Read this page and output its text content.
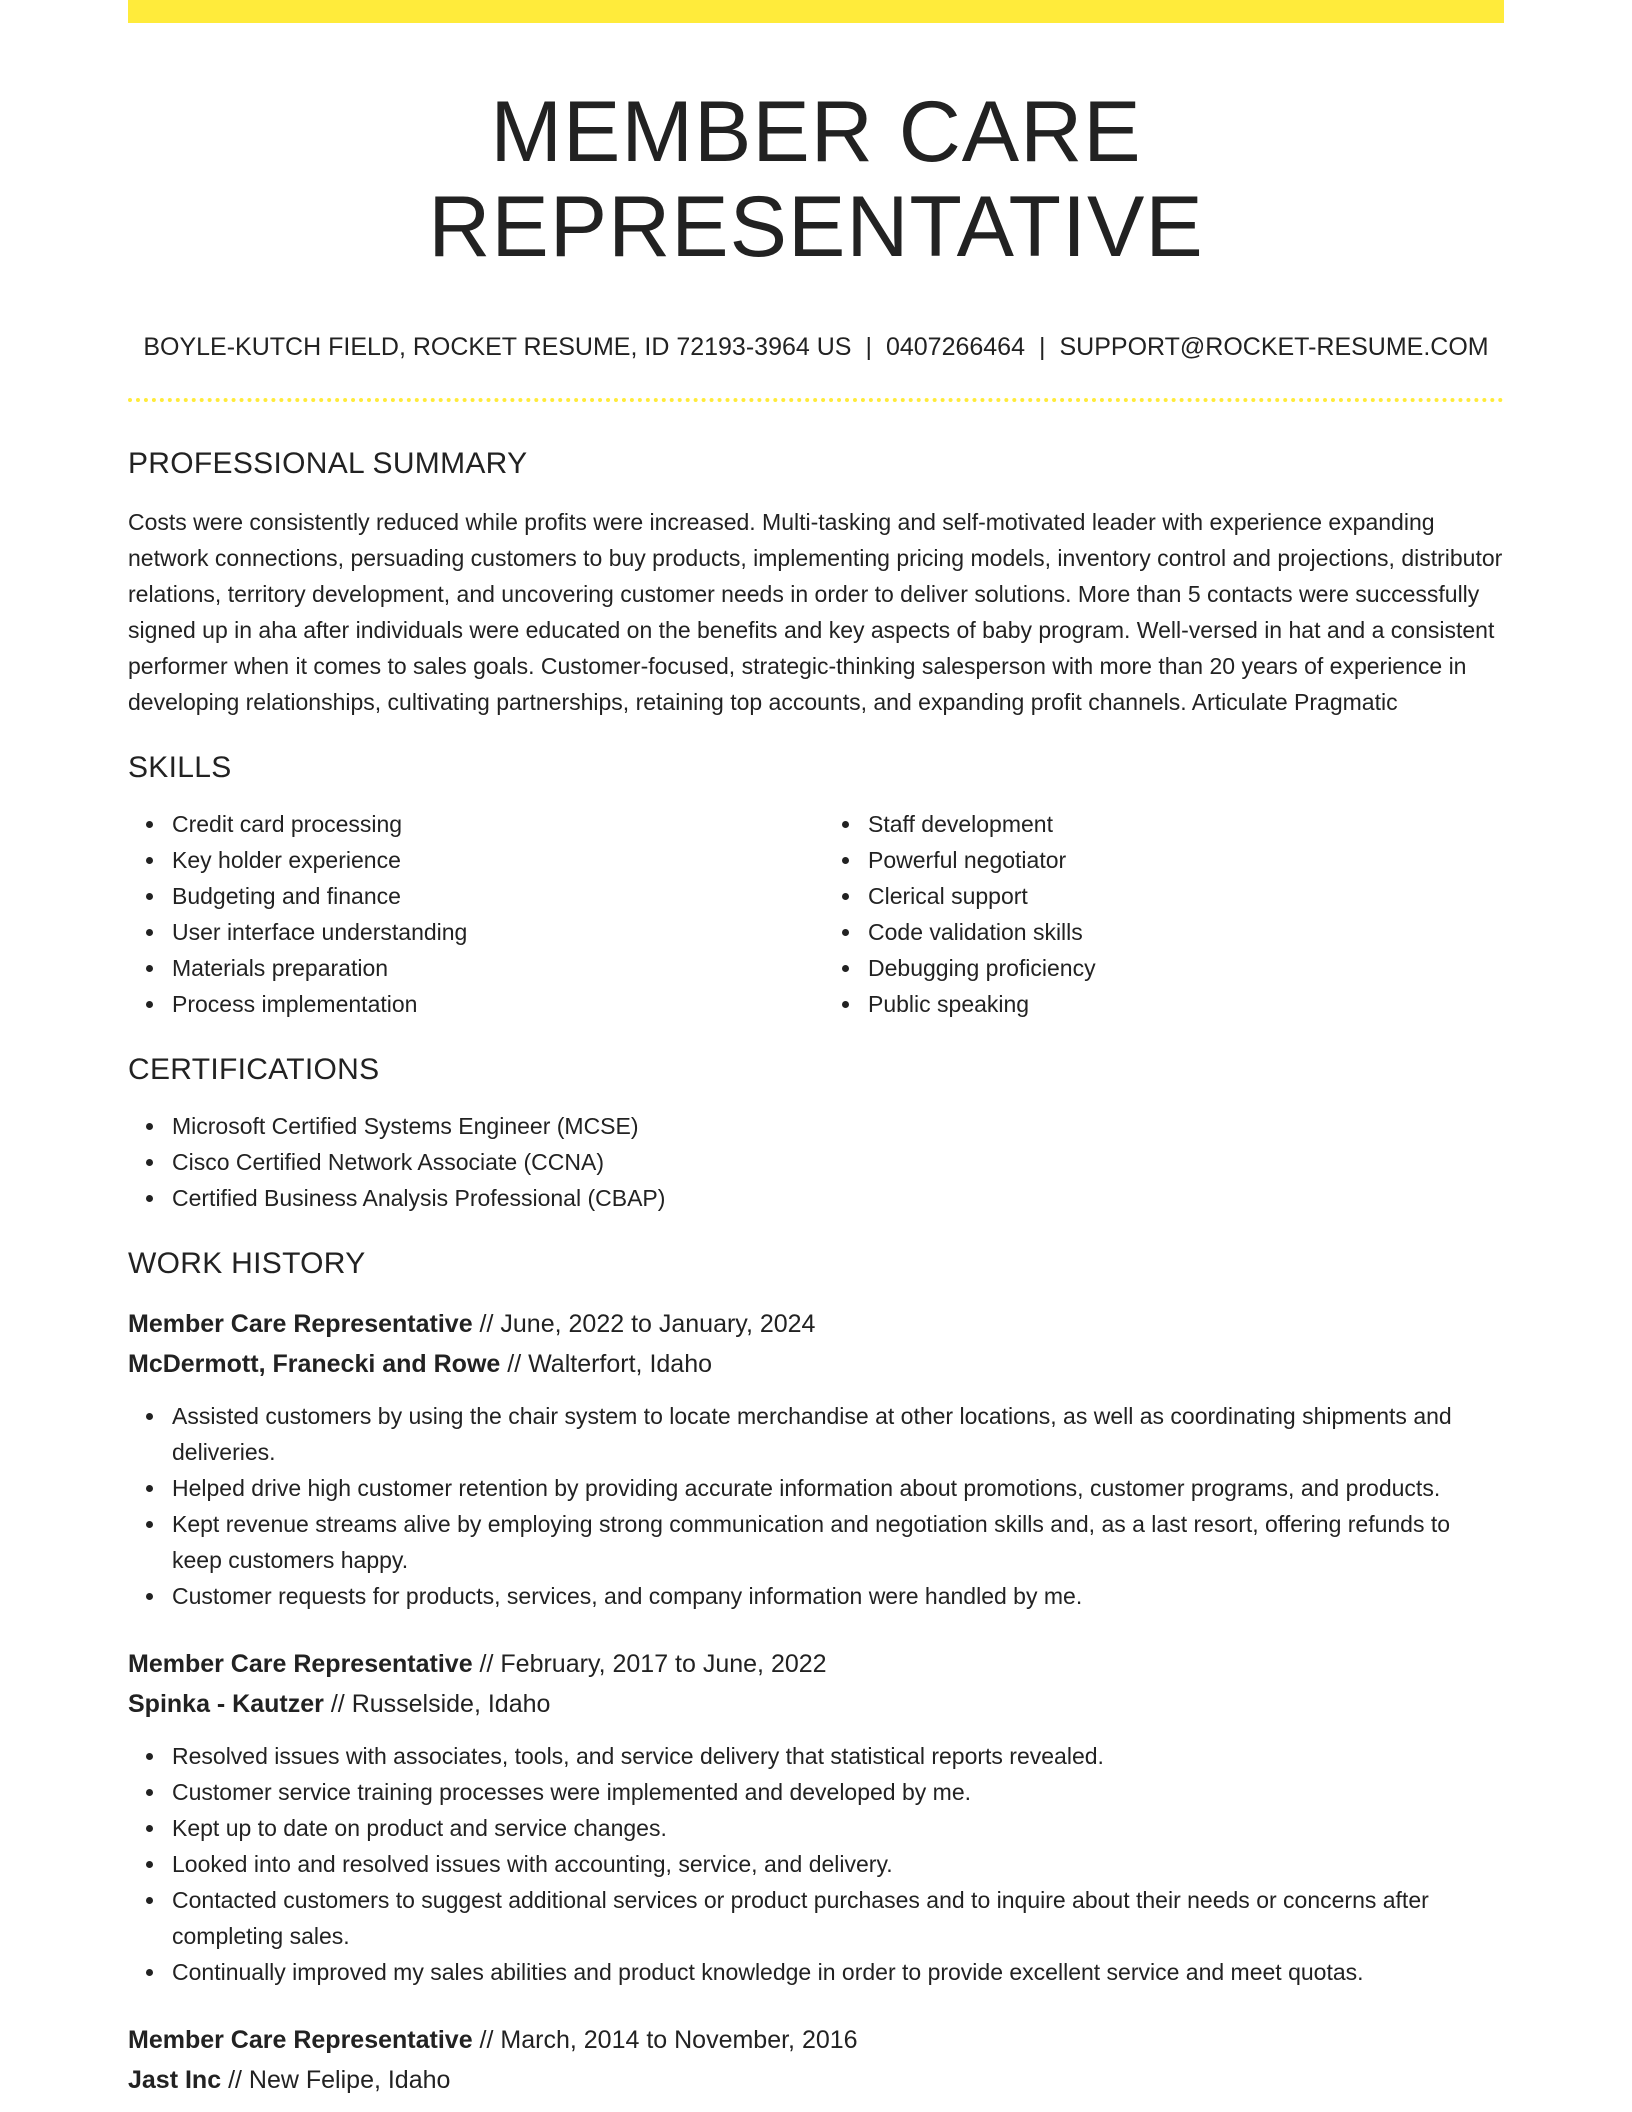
MEMBER CARE REPRESENTATIVE
BOYLE-KUTCH FIELD, ROCKET RESUME, ID 72193-3964 US | 0407266464 | SUPPORT@ROCKET-RESUME.COM
PROFESSIONAL SUMMARY

Costs were consistently reduced while profits were increased. Multi-tasking and self-motivated leader with experience expanding network connections, persuading customers to buy products, implementing pricing models, inventory control and projections, distributor relations, territory development, and uncovering customer needs in order to deliver solutions. More than 5 contacts were successfully signed up in aha after individuals were educated on the benefits and key aspects of baby program. Well-versed in hat and a consistent performer when it comes to sales goals. Customer-focused, strategic-thinking salesperson with more than 20 years of experience in developing relationships, cultivating partnerships, retaining top accounts, and expanding profit channels. Articulate Pragmatic

SKILLS
Credit card processing
Key holder experience
Budgeting and finance
User interface understanding
Materials preparation
Process implementation
Staff development
Powerful negotiator
Clerical support
Code validation skills
Debugging proficiency
Public speaking
CERTIFICATIONS
Microsoft Certified Systems Engineer (MCSE)
Cisco Certified Network Associate (CCNA)
Certified Business Analysis Professional (CBAP)
WORK HISTORY
Member Care Representative // June, 2022 to January, 2024
McDermott, Franecki and Rowe // Walterfort, Idaho
Assisted customers by using the chair system to locate merchandise at other locations, as well as coordinating shipments and deliveries.
Helped drive high customer retention by providing accurate information about promotions, customer programs, and products.
Kept revenue streams alive by employing strong communication and negotiation skills and, as a last resort, offering refunds to keep customers happy.
Customer requests for products, services, and company information were handled by me.
Member Care Representative // February, 2017 to June, 2022
Spinka - Kautzer // Russelside, Idaho
Resolved issues with associates, tools, and service delivery that statistical reports revealed.
Customer service training processes were implemented and developed by me.
Kept up to date on product and service changes.
Looked into and resolved issues with accounting, service, and delivery.
Contacted customers to suggest additional services or product purchases and to inquire about their needs or concerns after completing sales.
Continually improved my sales abilities and product knowledge in order to provide excellent service and meet quotas.
Member Care Representative // March, 2014 to November, 2016
Jast Inc // New Felipe, Idaho
